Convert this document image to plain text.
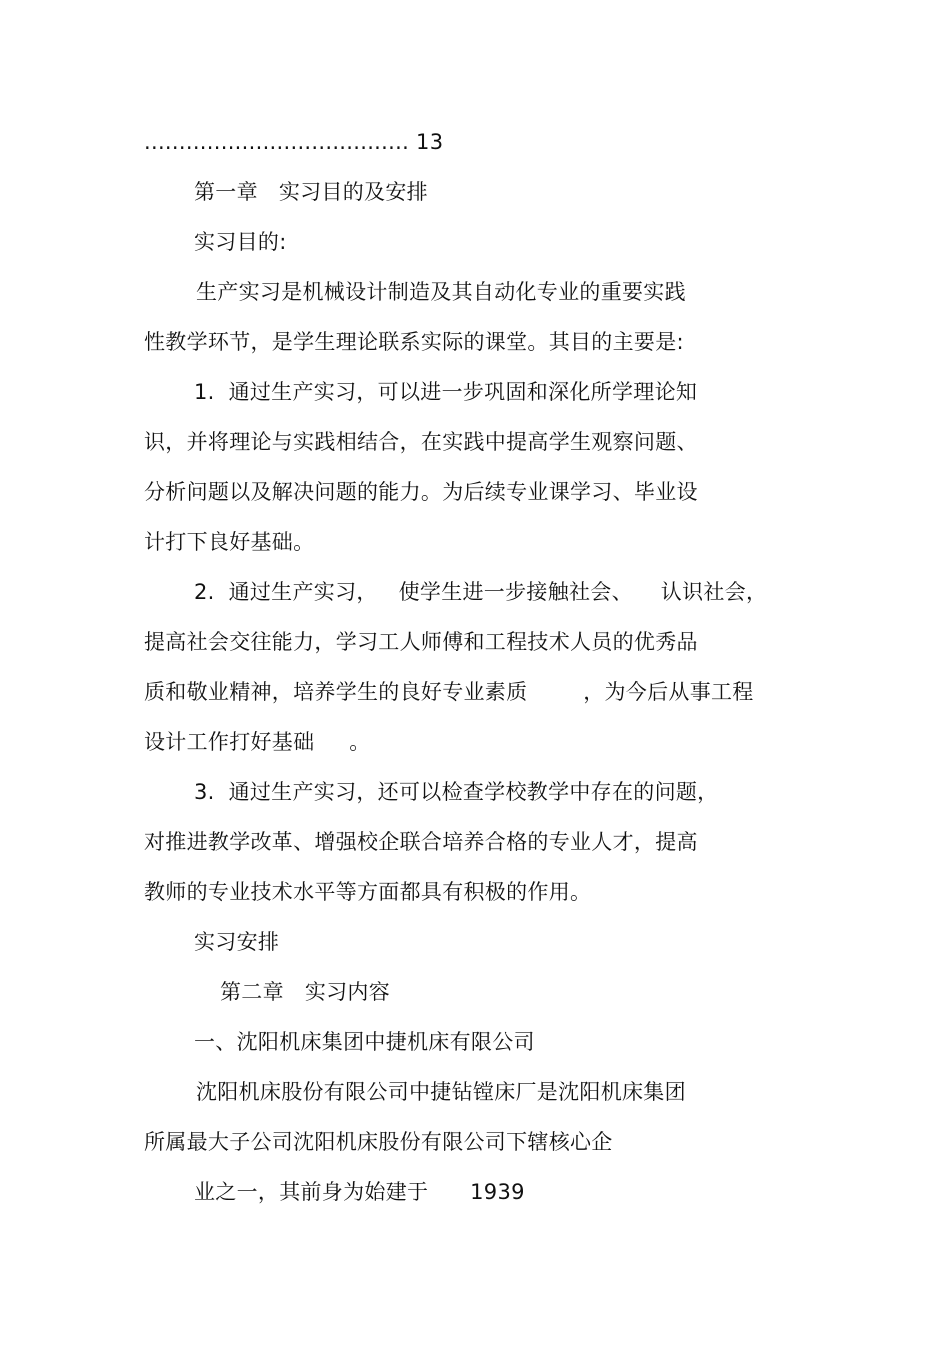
...................................... 13
第一章   实习目的及安排
实习目的:
生产实习是机械设计制造及其自动化专业的重要实践
性教学环节，是学生理论联系实际的课堂。其目的主要是:
1.  通过生产实习，可以进一步巩固和深化所学理论知
识，并将理论与实践相结合，在实践中提高学生观察问题、
分析问题以及解决问题的能力。为后续专业课学习、毕业设
计打下良好基础。
2.  通过生产实习，   使学生进一步接触社会、    认识社会，
提高社会交往能力，学习工人师傅和工程技术人员的优秀品
质和敬业精神，培养学生的良好专业素质        ，为今后从事工程
设计工作打好基础     。
3.  通过生产实习，还可以检查学校教学中存在的问题，
对推进教学改革、增强校企联合培养合格的专业人才，提高
教师的专业技术水平等方面都具有积极的作用。
实习安排
第二章   实习内容
一、沈阳机床集团中捷机床有限公司
沈阳机床股份有限公司中捷钻镗床厂是沈阳机床集团
所属最大子公司沈阳机床股份有限公司下辖核心企
业之一，其前身为始建于      1939
